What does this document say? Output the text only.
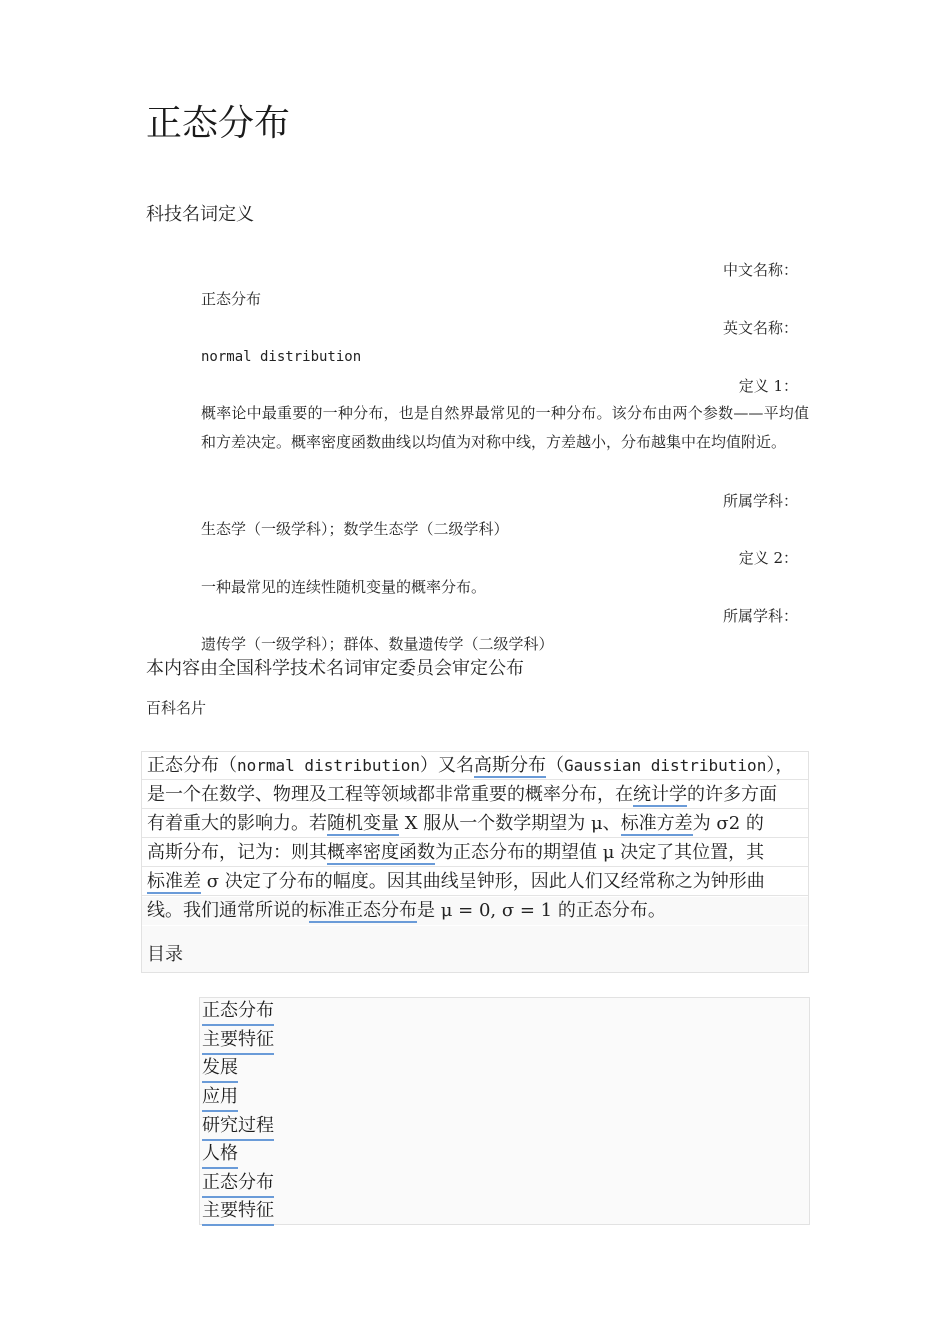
正态分布
科技名词定义
中文名称：
正态分布
英文名称：
normal distribution
定义 1：
概率论中最重要的一种分布，也是自然界最常见的一种分布。该分布由两个参数——平均值和方差决定。概率密度函数曲线以均值为对称中线，方差越小，分布越集中在均值附近。
所属学科：
生态学（一级学科）；数学生态学（二级学科）
定义 2：
一种最常见的连续性随机变量的概率分布。
所属学科：
遗传学（一级学科）；群体、数量遗传学（二级学科）
本内容由全国科学技术名词审定委员会审定公布
百科名片
正态分布（normal distribution）又名高斯分布（Gaussian distribution），
是一个在数学、物理及工程等领域都非常重要的概率分布，在统计学的许多方面
有着重大的影响力。若随机变量 X 服从一个数学期望为 μ、标准方差为 σ2 的
高斯分布，记为：则其概率密度函数为正态分布的期望值 μ 决定了其位置，其
标准差 σ 决定了分布的幅度。因其曲线呈钟形，因此人们又经常称之为钟形曲
线。我们通常所说的标准正态分布是 μ = 0, σ = 1 的正态分布。
目录
正态分布
主要特征
发展
应用
研究过程
人格
正态分布
主要特征
